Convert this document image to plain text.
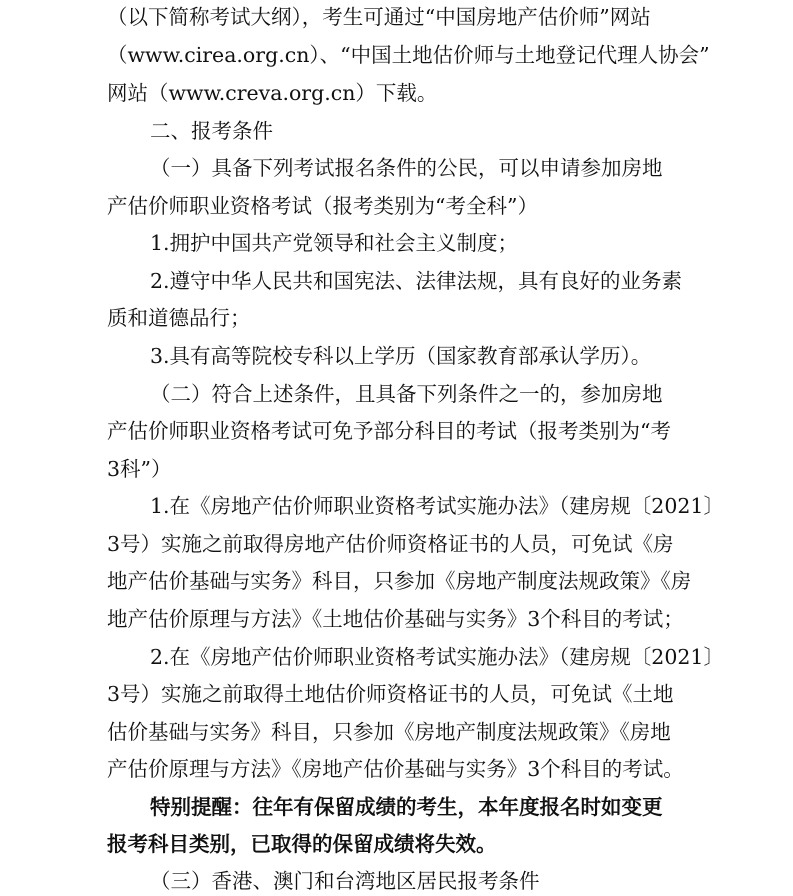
（以下简称考试大纲），考生可通过“中国房地产估价师”网站
（www.cirea.org.cn）、“中国土地估价师与土地登记代理人协会”
网站（www.creva.org.cn）下载。
二、报考条件
（一）具备下列考试报名条件的公民，可以申请参加房地
产估价师职业资格考试（报考类别为“考全科”）
1.拥护中国共产党领导和社会主义制度；
2.遵守中华人民共和国宪法、法律法规，具有良好的业务素
质和道德品行；
3.具有高等院校专科以上学历（国家教育部承认学历）。
（二）符合上述条件，且具备下列条件之一的，参加房地
产估价师职业资格考试可免予部分科目的考试（报考类别为“考
3科”）
1.在《房地产估价师职业资格考试实施办法》（建房规〔2021〕
3号）实施之前取得房地产估价师资格证书的人员，可免试《房
地产估价基础与实务》科目，只参加《房地产制度法规政策》《房
地产估价原理与方法》《土地估价基础与实务》3个科目的考试；
2.在《房地产估价师职业资格考试实施办法》（建房规〔2021〕
3号）实施之前取得土地估价师资格证书的人员，可免试《土地
估价基础与实务》科目，只参加《房地产制度法规政策》《房地
产估价原理与方法》《房地产估价基础与实务》3个科目的考试。
特别提醒：往年有保留成绩的考生，本年度报名时如变更
报考科目类别，已取得的保留成绩将失效。
（三）香港、澳门和台湾地区居民报考条件
